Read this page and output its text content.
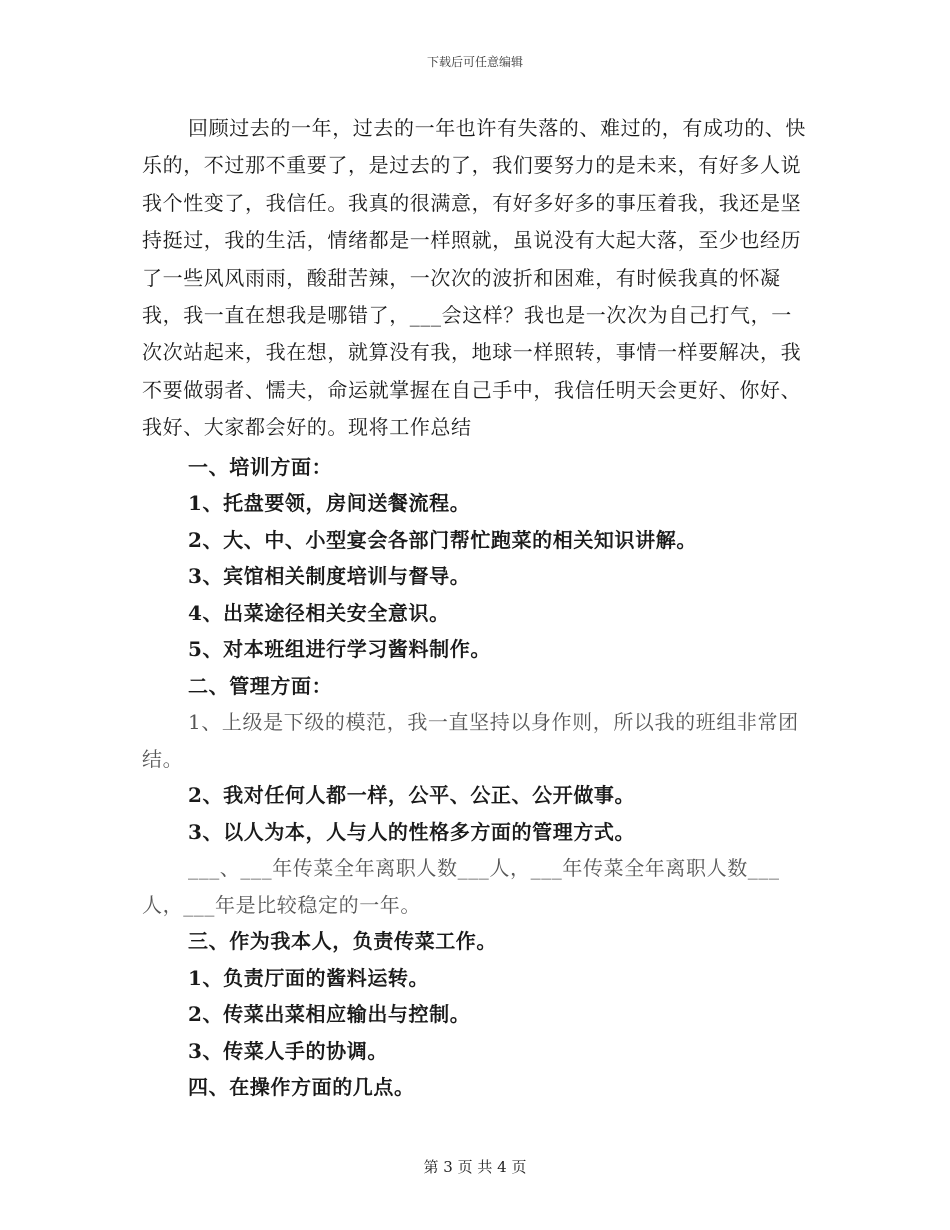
下载后可任意编辑

回顾过去的一年，过去的一年也许有失落的、难过的，有成功的、快乐的，不过那不重要了，是过去的了，我们要努力的是未来，有好多人说我个性变了，我信任。我真的很满意，有好多好多的事压着我，我还是坚持挺过，我的生活，情绪都是一样照就，虽说没有大起大落，至少也经历了一些风风雨雨，酸甜苦辣，一次次的波折和困难，有时候我真的怀凝我，我一直在想我是哪错了，___会这样？我也是一次次为自己打气，一次次站起来，我在想，就算没有我，地球一样照转，事情一样要解决，我不要做弱者、懦夫，命运就掌握在自己手中，我信任明天会更好、你好、我好、大家都会好的。现将工作总结

一、培训方面：
1、托盘要领，房间送餐流程。
2、大、中、小型宴会各部门帮忙跑菜的相关知识讲解。
3、宾馆相关制度培训与督导。
4、出菜途径相关安全意识。
5、对本班组进行学习酱料制作。
二、管理方面：

1、上级是下级的模范，我一直坚持以身作则，所以我的班组非常团结。

2、我对任何人都一样，公平、公正、公开做事。
3、以人为本，人与人的性格多方面的管理方式。

___、___年传菜全年离职人数___人，___年传菜全年离职人数___人，___年是比较稳定的一年。

三、作为我本人，负责传菜工作。
1、负责厅面的酱料运转。
2、传菜出菜相应输出与控制。
3、传菜人手的协调。
四、在操作方面的几点。
第 3 页 共 4 页
